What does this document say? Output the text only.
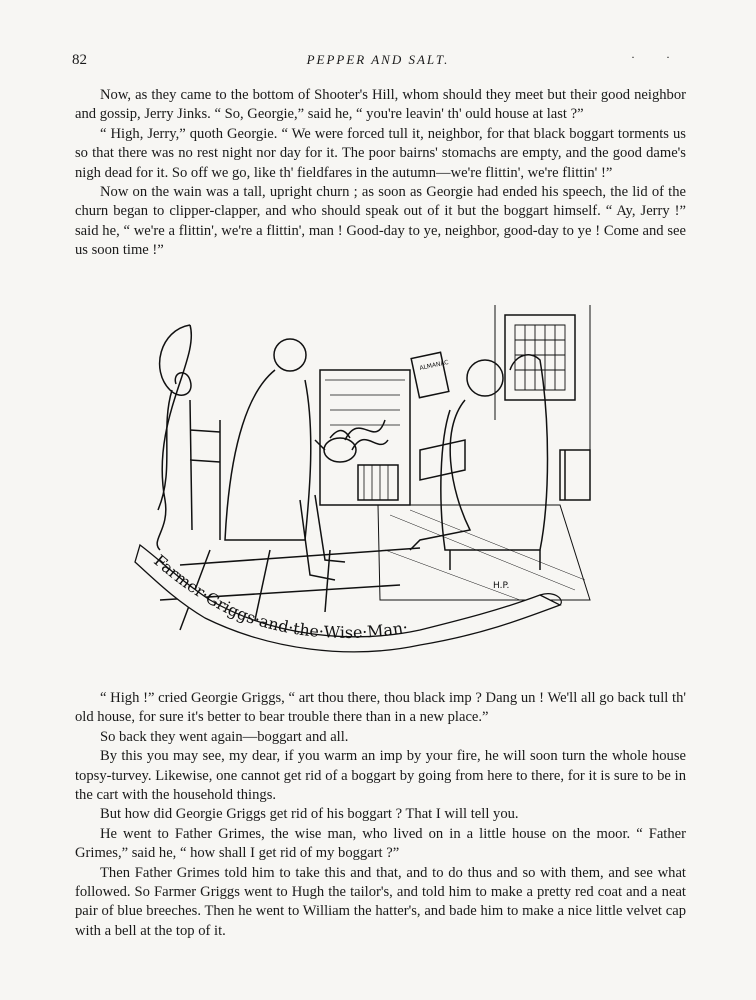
82	PEPPER AND SALT.	· ·

Now, as they came to the bottom of Shooter's Hill, whom should they meet but their good neighbor and gossip, Jerry Jinks. “ So, Georgie,” said he, “ you're leavin' th' ould house at last ?”

“ High, Jerry,” quoth Georgie. “ We were forced tull it, neighbor, for that black boggart torments us so that there was no rest night nor day for it. The poor bairns' stomachs are empty, and the good dame's nigh dead for it. So off we go, like th' fieldfares in the autumn—we're flittin', we're flittin' !”

Now on the wain was a tall, upright churn ; as soon as Georgie had ended his speech, the lid of the churn began to clipper-clapper, and who should speak out of it but the boggart himself. “ Ay, Jerry !” said he, “ we're a flittin', we're a flittin', man ! Good-day to ye, neighbor, good-day to ye ! Come and see us soon time !”

Farmer·Griggs·and·the·Wise·Man·
H.P.
ALMANAC

“ High !” cried Georgie Griggs, “ art thou there, thou black imp ? Dang un ! We'll all go back tull th' old house, for sure it's better to bear trouble there than in a new place.”

So back they went again—boggart and all.

By this you may see, my dear, if you warm an imp by your fire, he will soon turn the whole house topsy-turvey. Likewise, one cannot get rid of a boggart by going from here to there, for it is sure to be in the cart with the household things.

But how did Georgie Griggs get rid of his boggart ? That I will tell you.

He went to Father Grimes, the wise man, who lived on in a little house on the moor. “ Father Grimes,” said he, “ how shall I get rid of my boggart ?”

Then Father Grimes told him to take this and that, and to do thus and so with them, and see what followed. So Farmer Griggs went to Hugh the tailor's, and told him to make a pretty red coat and a neat pair of blue breeches. Then he went to William the hatter's, and bade him to make a nice little velvet cap with a bell at the top of it.
